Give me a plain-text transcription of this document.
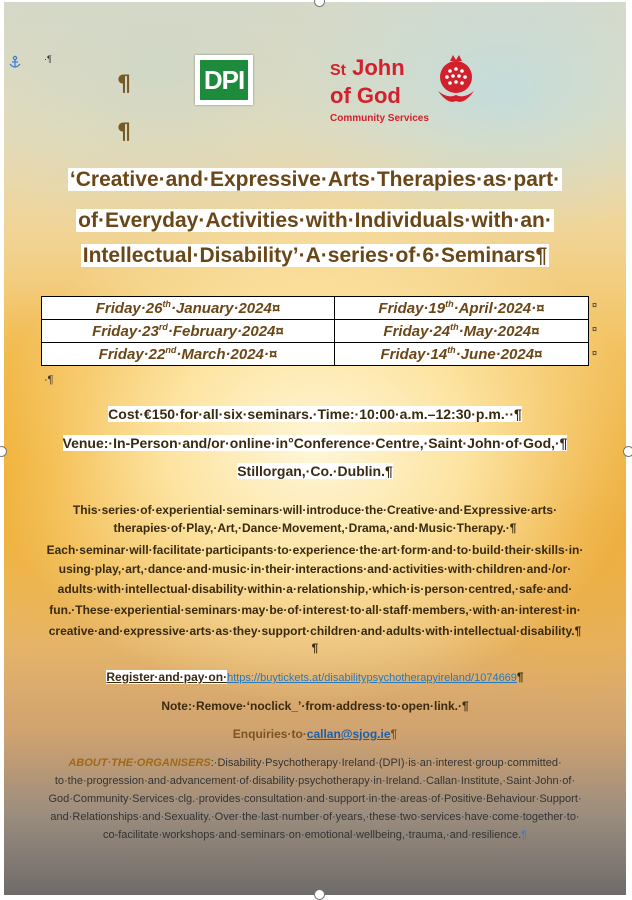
·¶
¶
¶
DPI	St John
of God
Community Services
‘Creative·and·Expressive·Arts·Therapies·as·part·
of·Everyday·Activities·with·Individuals·with·an·
Intellectual·Disability’·A·series·of·6·Seminars¶
Friday·26th·January·2024¤	Friday·19th·April·2024·¤
Friday·23rd·February·2024¤	Friday·24th·May·2024¤
Friday·22nd·March·2024·¤	Friday·14th·June·2024¤
¤
¤
¤
·¶
Cost·€150·for·all·six·seminars.·Time:·10:00·a.m.–12:30·p.m.··¶
Venue:·In-Person·and/or·online·in°Conference·Centre,·Saint·John·of·God,·¶
Stillorgan,·Co.·Dublin.¶
This·series·of·experiential·seminars·will·introduce·the·Creative·and·Expressive·arts·
therapies·of·Play,·Art,·Dance·Movement,·Drama,·and·Music·Therapy.·¶
Each·seminar·will·facilitate·participants·to·experience·the·art·form·and·to·build·their·skills·in·
using·play,·art,·dance·and·music·in·their·interactions·and·activities·with·children·and·/or·
adults·with·intellectual·disability·within·a·relationship,·which·is·person·centred,·safe·and·
fun.·These·experiential·seminars·may·be·of·interest·to·all·staff·members,·with·an·interest·in·
creative·and·expressive·arts·as·they·support·children·and·adults·with·intellectual·disability.¶
¶
Register·and·pay·on·https://buytickets.at/disabilitypsychotherapyireland/1074669¶
Note:·Remove·‘noclick_’·from·address·to·open·link.·¶
Enquiries·to·callan@sjog.ie¶
ABOUT·THE·ORGANISERS:·Disability·Psychotherapy·Ireland·(DPI)·is·an·interest·group·committed·
to·the·progression·and·advancement·of·disability·psychotherapy·in·Ireland.·Callan·Institute,·Saint·John·of·
God·Community·Services·clg.·provides·consultation·and·support·in·the·areas·of·Positive·Behaviour·Support·
and·Relationships·and·Sexuality.·Over·the·last·number·of·years,·these·two·services·have·come·together·to·
co-facilitate·workshops·and·seminars·on·emotional·wellbeing,·trauma,·and·resilience.¶
